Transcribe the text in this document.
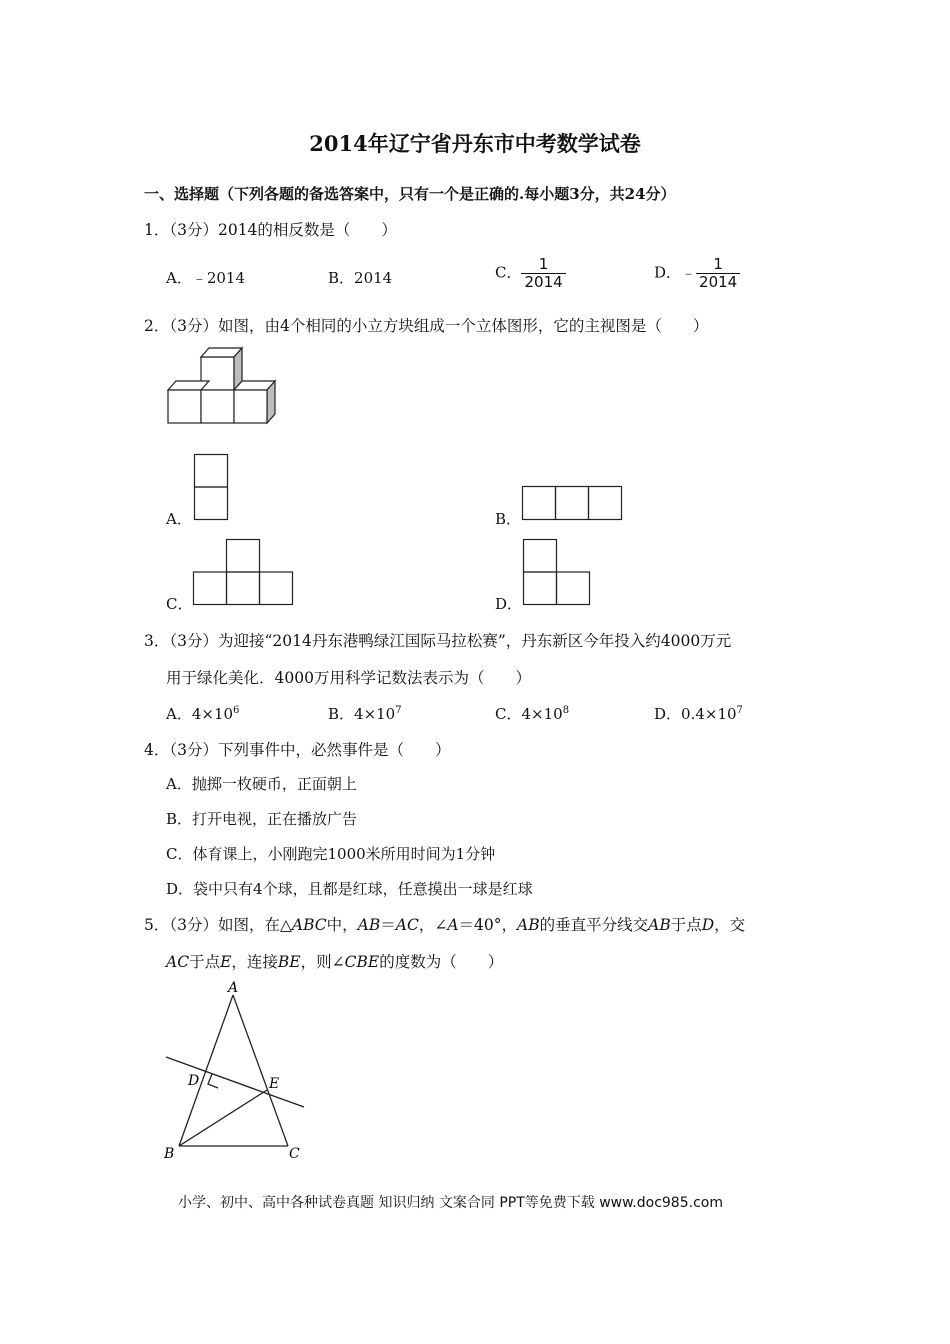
2014年辽宁省丹东市中考数学试卷
一、选择题（下列各题的备选答案中，只有一个是正确的.每小题3分，共24分）
1．（3分）2014的相反数是（　　）
A．﹣2014	B．2014	C． $\frac{1}{2014}$	D．﹣ $\frac{1}{2014}$
2．（3分）如图，由4个相同的小立方块组成一个立体图形，它的主视图是（　　）
A．	B．
C．	D．
3．（3分）为迎接“2014丹东港鸭绿江国际马拉松赛”，丹东新区今年投入约4000万元
用于绿化美化．4000万用科学记数法表示为（　　）
A．$4\times 10^6$	B．$4\times 10^7$	C．$4\times 10^8$	D．$0.4\times 10^7$
4．（3分）下列事件中，必然事件是（　　）
A．抛掷一枚硬币，正面朝上
B．打开电视，正在播放广告
C．体育课上，小刚跑完1000米所用时间为1分钟
D．袋中只有4个球，且都是红球，任意摸出一球是红球
5．（3分）如图，在△ABC中，AB＝AC，∠A＝40°，AB的垂直平分线交AB于点D，交
AC于点E，连接BE，则∠CBE的度数为（　　）
A
B	C
D	E
小学、初中、高中各种试卷真题 知识归纳 文案合同 PPT等免费下载 www.doc985.com
